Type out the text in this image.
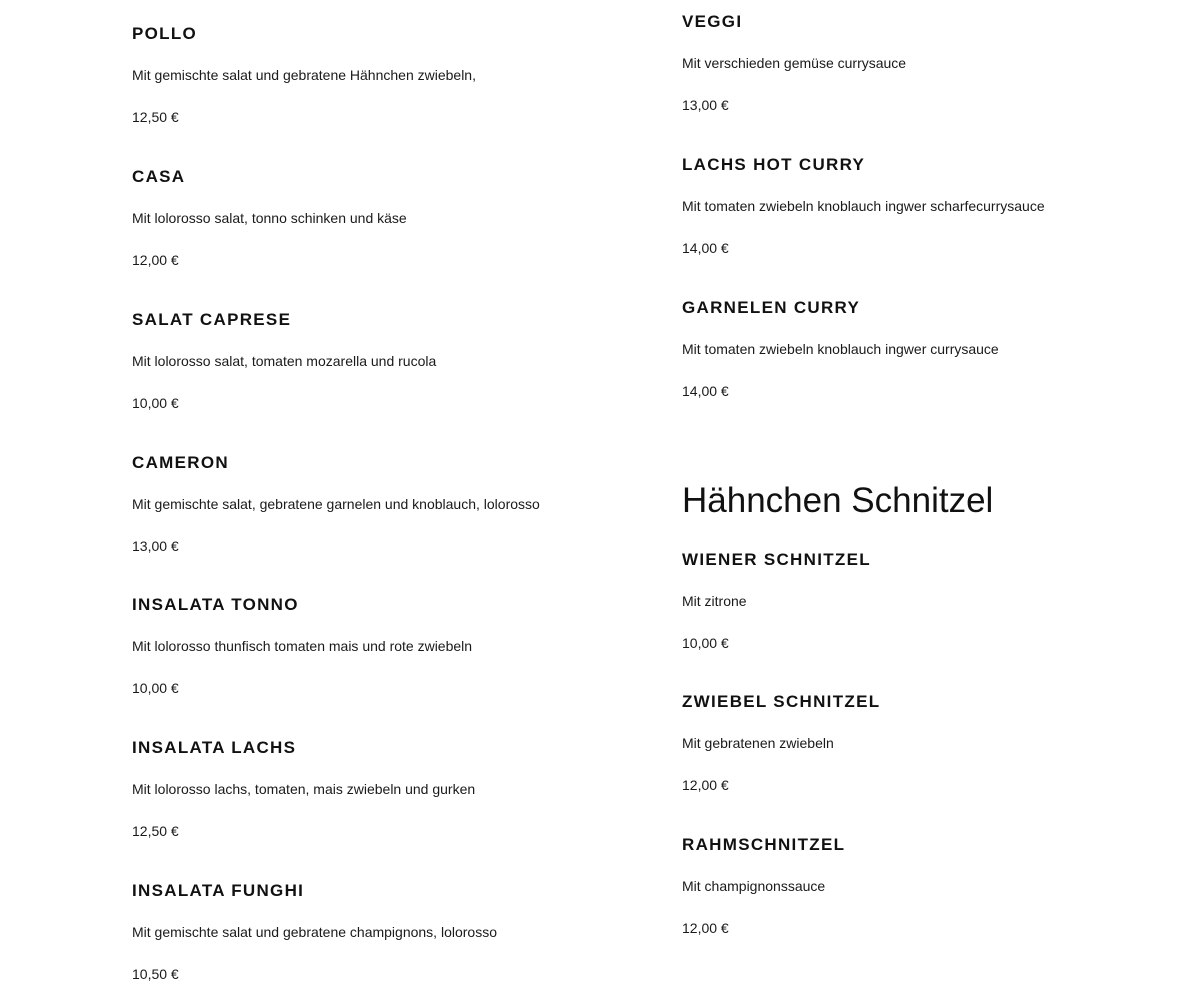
POLLO

Mit gemischte salat und gebratene Hähnchen zwiebeln,

12,50 €

CASA

Mit lolorosso salat, tonno schinken und käse

12,00 €

SALAT CAPRESE

Mit lolorosso salat, tomaten mozarella und rucola

10,00 €

CAMERON

Mit gemischte salat, gebratene garnelen und knoblauch, lolorosso

13,00 €

INSALATA TONNO

Mit lolorosso thunfisch tomaten mais und rote zwiebeln

10,00 €

INSALATA LACHS

Mit lolorosso lachs, tomaten, mais zwiebeln und gurken

12,50 €

INSALATA FUNGHI

Mit gemischte salat und gebratene champignons, lolorosso

10,50 €

VEGGI

Mit verschieden gemüse currysauce

13,00 €

LACHS HOT CURRY

Mit tomaten zwiebeln knoblauch ingwer scharfecurrysauce

14,00 €

GARNELEN CURRY

Mit tomaten zwiebeln knoblauch ingwer currysauce

14,00 €

Hähnchen Schnitzel
WIENER SCHNITZEL

Mit zitrone

10,00 €

ZWIEBEL SCHNITZEL

Mit gebratenen zwiebeln

12,00 €

RAHMSCHNITZEL

Mit champignonssauce

12,00 €
